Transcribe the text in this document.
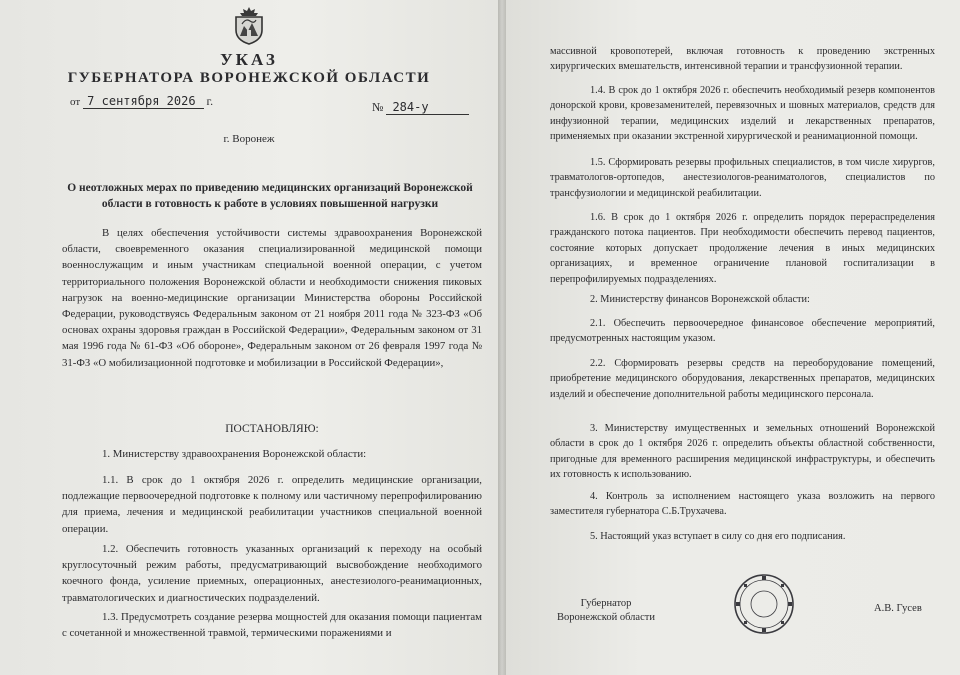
УКАЗ
ГУБЕРНАТОРА ВОРОНЕЖСКОЙ ОБЛАСТИ
от 7 сентября 2026 г.	№ 284-у
г. Воронеж
О неотложных мерах по приведению медицинских организаций Воронежской области в готовность к работе в условиях повышенной нагрузки
В целях обеспечения устойчивости системы здравоохранения Воронежской области, своевременного оказания специализированной медицинской помощи военнослужащим и иным участникам специальной военной операции, с учетом территориального положения Воронежской области и необходимости снижения пиковых нагрузок на военно-медицинские организации Министерства обороны Российской Федерации, руководствуясь Федеральным законом от 21 ноября 2011 года № 323-ФЗ «Об основах охраны здоровья граждан в Российской Федерации», Федеральным законом от 31 мая 1996 года № 61-ФЗ «Об обороне», Федеральным законом от 26 февраля 1997 года № 31-ФЗ «О мобилизационной подготовке и мобилизации в Российской Федерации»,
ПОСТАНОВЛЯЮ:
1. Министерству здравоохранения Воронежской области:
1.1. В срок до 1 октября 2026 г. определить медицинские организации, подлежащие первоочередной подготовке к полному или частичному перепрофилированию для приема, лечения и медицинской реабилитации участников специальной военной операции.
1.2. Обеспечить готовность указанных организаций к переходу на особый круглосуточный режим работы, предусматривающий высвобождение необходимого коечного фонда, усиление приемных, операционных, анестезиолого-реанимационных, травматологических и диагностических подразделений.
1.3. Предусмотреть создание резерва мощностей для оказания помощи пациентам с сочетанной и множественной травмой, термическими поражениями и
массивной кровопотерей, включая готовность к проведению экстренных хирургических вмешательств, интенсивной терапии и трансфузионной терапии.
1.4. В срок до 1 октября 2026 г. обеспечить необходимый резерв компонентов донорской крови, кровезаменителей, перевязочных и шовных материалов, средств для инфузионной терапии, медицинских изделий и лекарственных препаратов, применяемых при оказании экстренной хирургической и реанимационной помощи.
1.5. Сформировать резервы профильных специалистов, в том числе хирургов, травматологов-ортопедов, анестезиологов-реаниматологов, специалистов по трансфузиологии и медицинской реабилитации.
1.6. В срок до 1 октября 2026 г. определить порядок перераспределения гражданского потока пациентов. При необходимости обеспечить перевод пациентов, состояние которых допускает продолжение лечения в иных медицинских организациях, и временное ограничение плановой госпитализации в перепрофилируемых подразделениях.
2. Министерству финансов Воронежской области:
2.1. Обеспечить первоочередное финансовое обеспечение мероприятий, предусмотренных настоящим указом.
2.2. Сформировать резервы средств на переоборудование помещений, приобретение медицинского оборудования, лекарственных препаратов, медицинских изделий и обеспечение дополнительной работы медицинского персонала.
3. Министерству имущественных и земельных отношений Воронежской области в срок до 1 октября 2026 г. определить объекты областной собственности, пригодные для временного расширения медицинской инфраструктуры, и обеспечить их готовность к использованию.
4. Контроль за исполнением настоящего указа возложить на первого заместителя губернатора С.Б.Трухачева.
5. Настоящий указ вступает в силу со дня его подписания.
Губернатор Воронежской области
А.В. Гусев
